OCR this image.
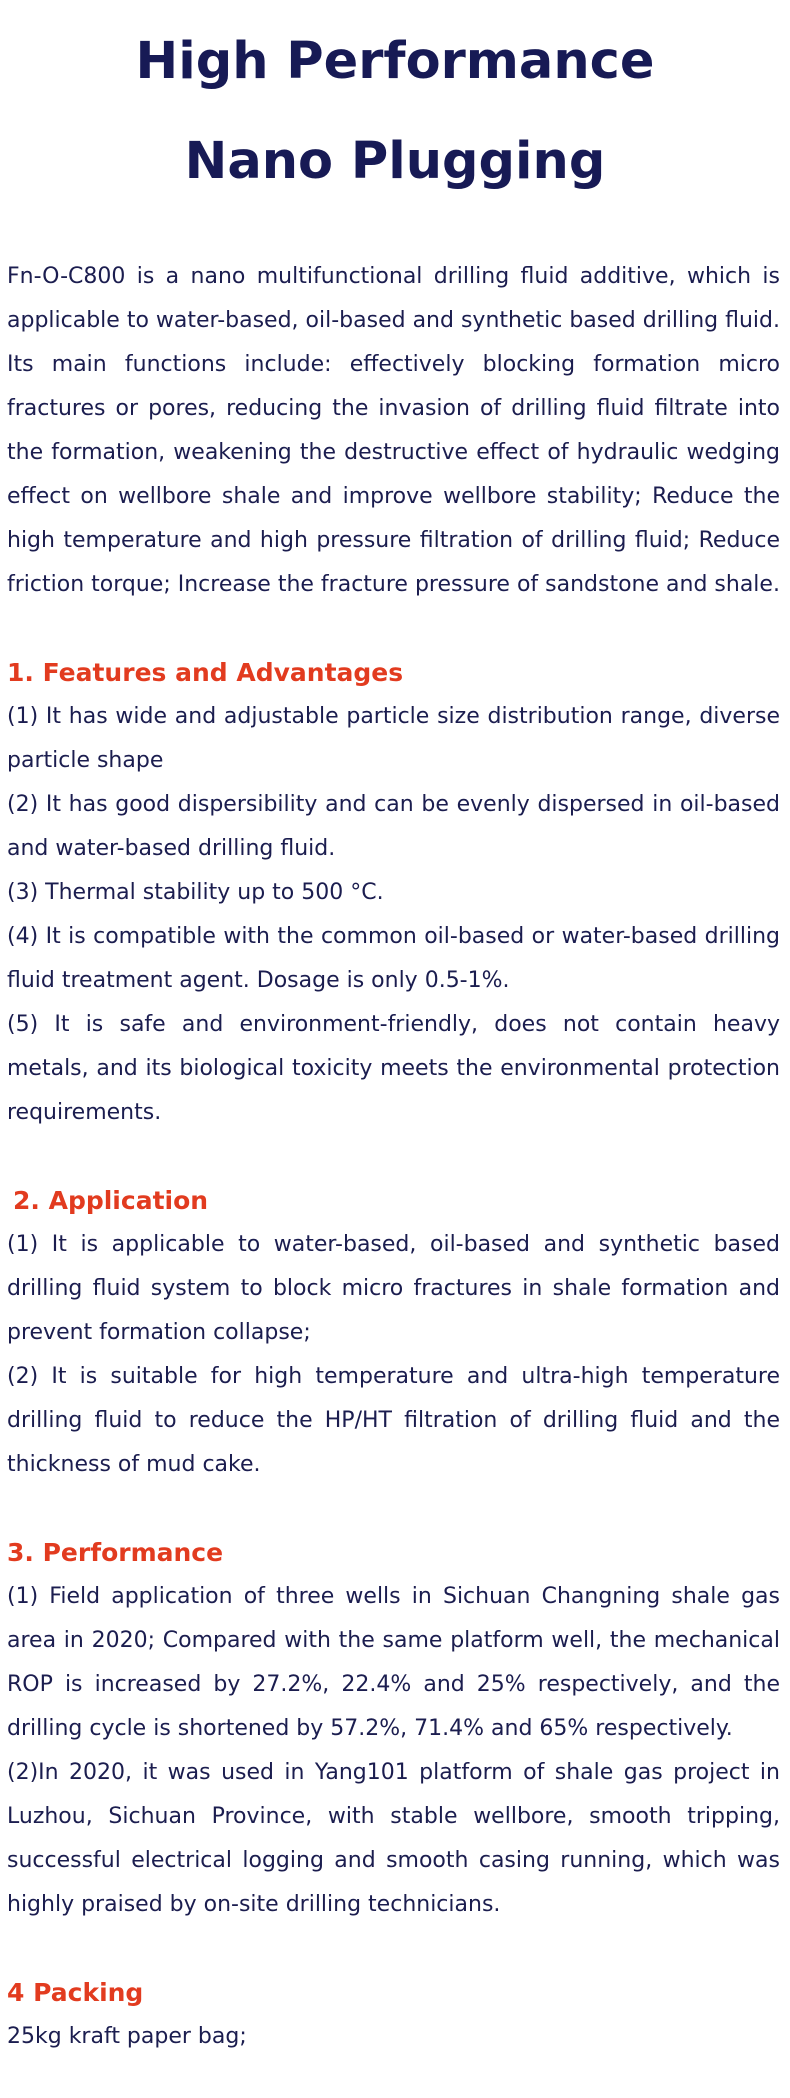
High Performance
Nano Plugging

Fn-O-C800 is a nano multifunctional drilling fluid additive, which is applicable to water-based, oil-based and synthetic based drilling fluid. Its main functions include: effectively blocking formation micro fractures or pores, reducing the invasion of drilling fluid filtrate into the formation, weakening the destructive effect of hydraulic wedging effect on wellbore shale and improve wellbore stability; Reduce the high temperature and high pressure filtration of drilling fluid; Reduce friction torque; Increase the fracture pressure of sandstone and shale.

1. Features and Advantages

(1) It has wide and adjustable particle size distribution range, diverse particle shape

(2) It has good dispersibility and can be evenly dispersed in oil-based and water-based drilling fluid.

(3) Thermal stability up to 500 °C.

(4) It is compatible with the common oil-based or water-based drilling fluid treatment agent. Dosage is only 0.5-1%.

(5) It is safe and environment-friendly, does not contain heavy metals, and its biological toxicity meets the environmental protection requirements.

2. Application

(1) It is applicable to water-based, oil-based and synthetic based drilling fluid system to block micro fractures in shale formation and prevent formation collapse;

(2) It is suitable for high temperature and ultra-high temperature drilling fluid to reduce the HP/HT filtration of drilling fluid and the thickness of mud cake.

3. Performance

(1) Field application of three wells in Sichuan Changning shale gas area in 2020; Compared with the same platform well, the mechanical ROP is increased by 27.2%, 22.4% and 25% respectively, and the drilling cycle is shortened by 57.2%, 71.4% and 65% respectively.

(2)In 2020, it was used in Yang101 platform of shale gas project in Luzhou, Sichuan Province, with stable wellbore, smooth tripping, successful electrical logging and smooth casing running, which was highly praised by on-site drilling technicians.

4 Packing

25kg kraft paper bag;
